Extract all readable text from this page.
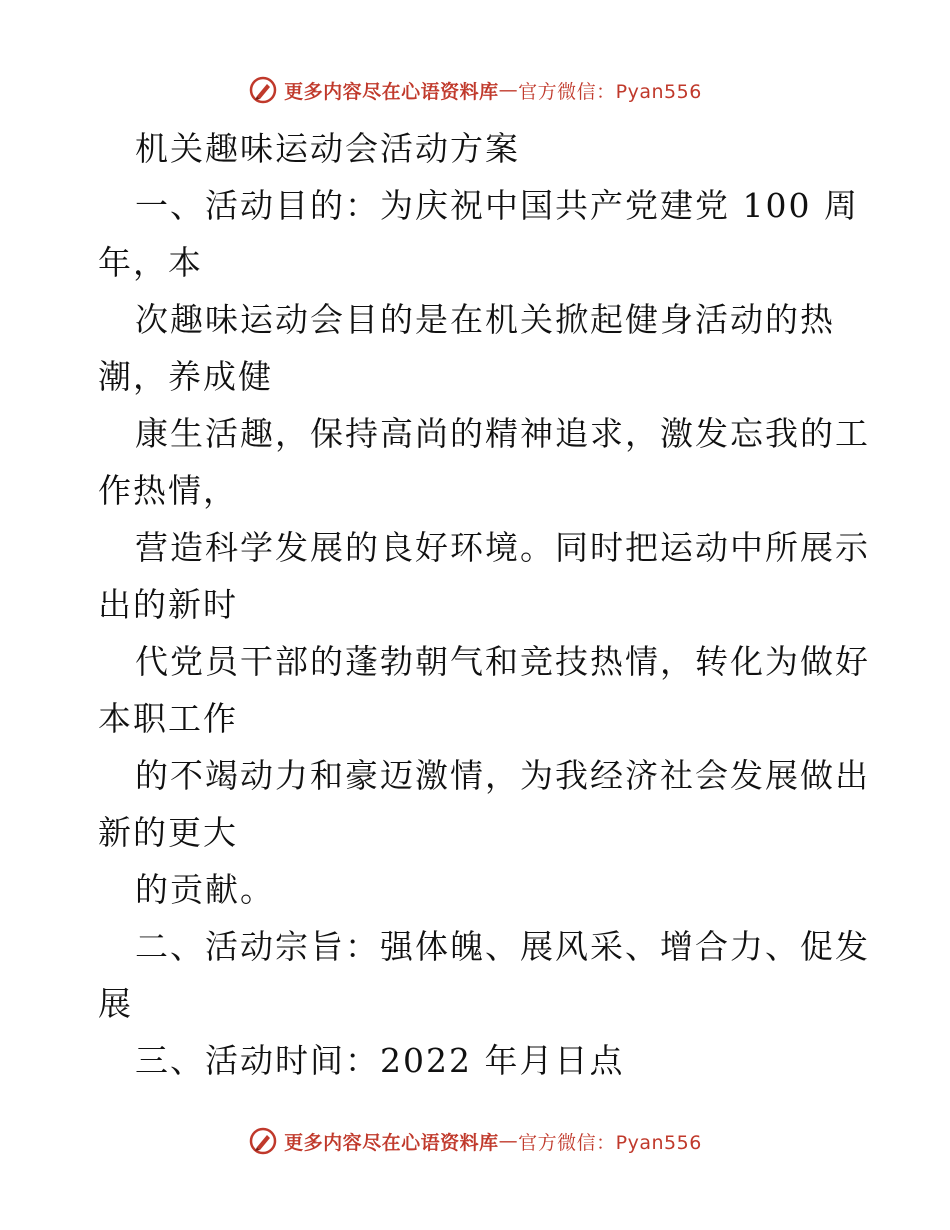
更多内容尽在心语资料库 — 官方微信：Pyan556
机关趣味运动会活动方案
一、活动目的：为庆祝中国共产党建党 100 周
年，本
次趣味运动会目的是在机关掀起健身活动的热
潮，养成健
康生活趣，保持高尚的精神追求，激发忘我的工
作热情，
营造科学发展的良好环境。同时把运动中所展示
出的新时
代党员干部的蓬勃朝气和竞技热情，转化为做好
本职工作
的不竭动力和豪迈激情，为我经济社会发展做出
新的更大
的贡献。
二、活动宗旨：强体魄、展风采、增合力、促发
展
三、活动时间：2022 年月日点
更多内容尽在心语资料库 — 官方微信：Pyan556
